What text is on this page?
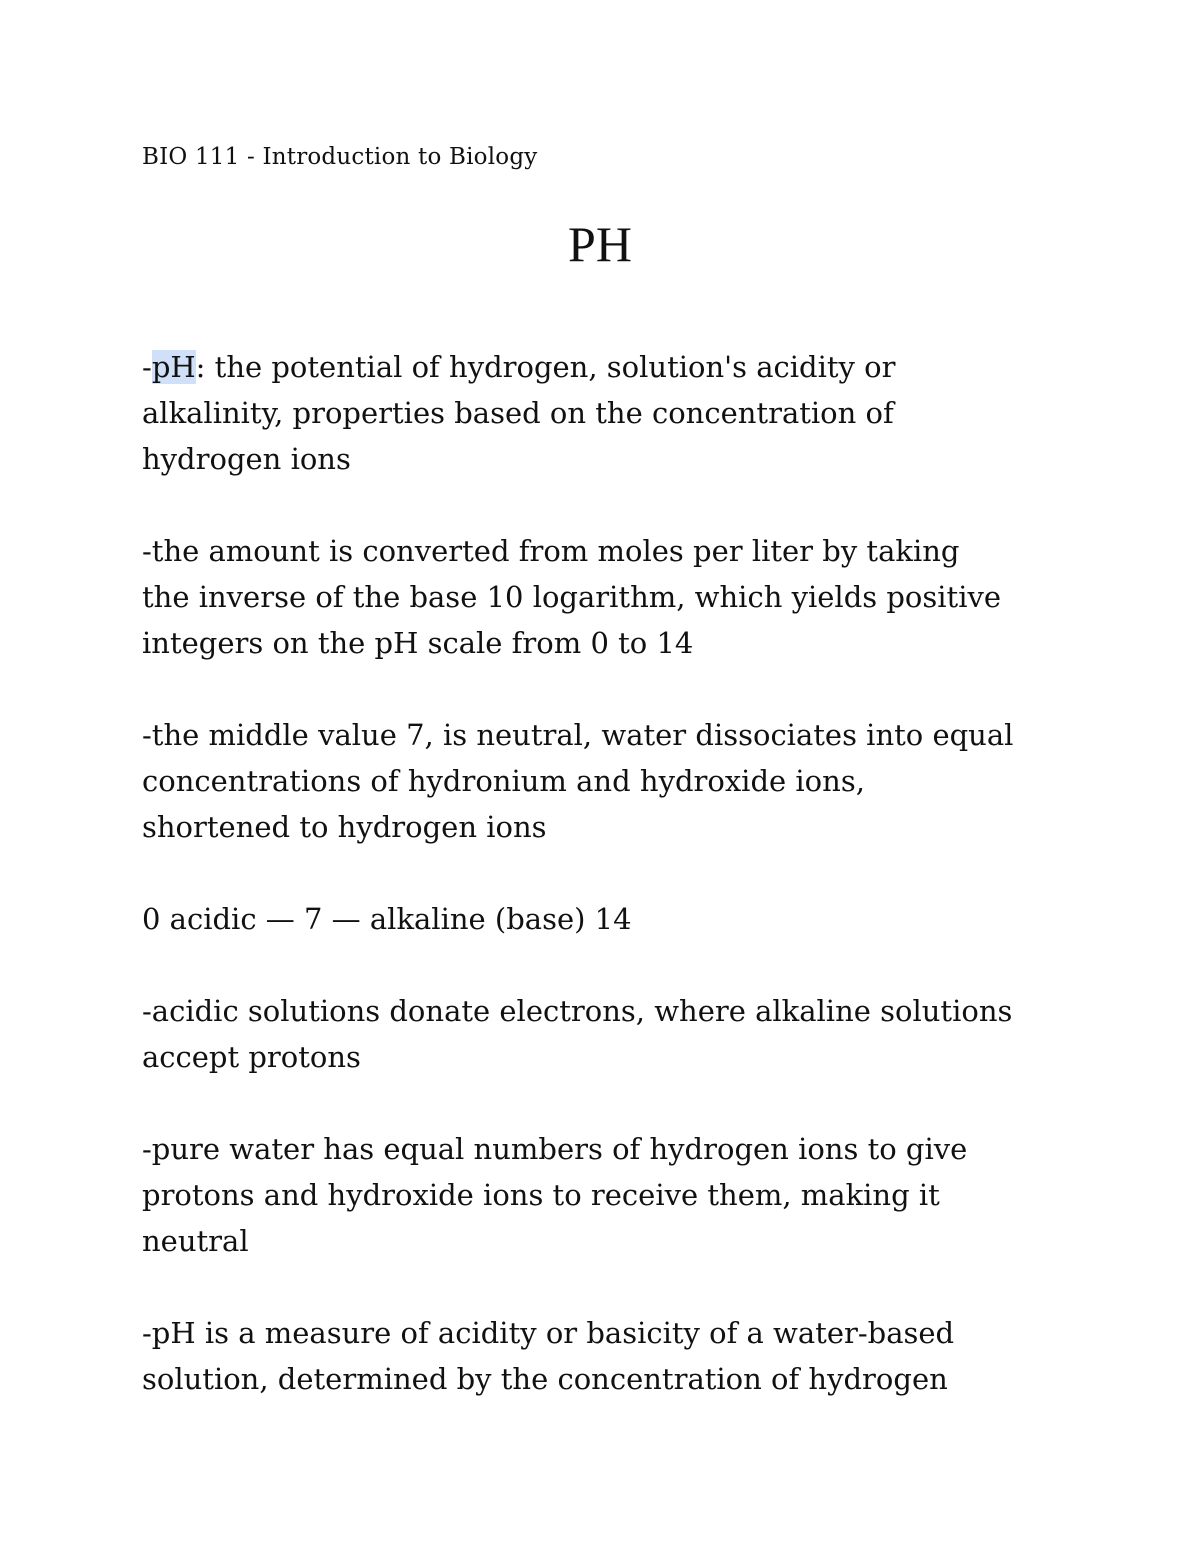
BIO 111 - Introduction to Biology
PH

-pH: the potential of hydrogen, solution's acidity or
alkalinity, properties based on the concentration of
hydrogen ions

-the amount is converted from moles per liter by taking
the inverse of the base 10 logarithm, which yields positive
integers on the pH scale from 0 to 14

-the middle value 7, is neutral, water dissociates into equal
concentrations of hydronium and hydroxide ions,
shortened to hydrogen ions

0 acidic — 7 — alkaline (base) 14

-acidic solutions donate electrons, where alkaline solutions
accept protons

-pure water has equal numbers of hydrogen ions to give
protons and hydroxide ions to receive them, making it
neutral

-pH is a measure of acidity or basicity of a water-based
solution, determined by the concentration of hydrogen
